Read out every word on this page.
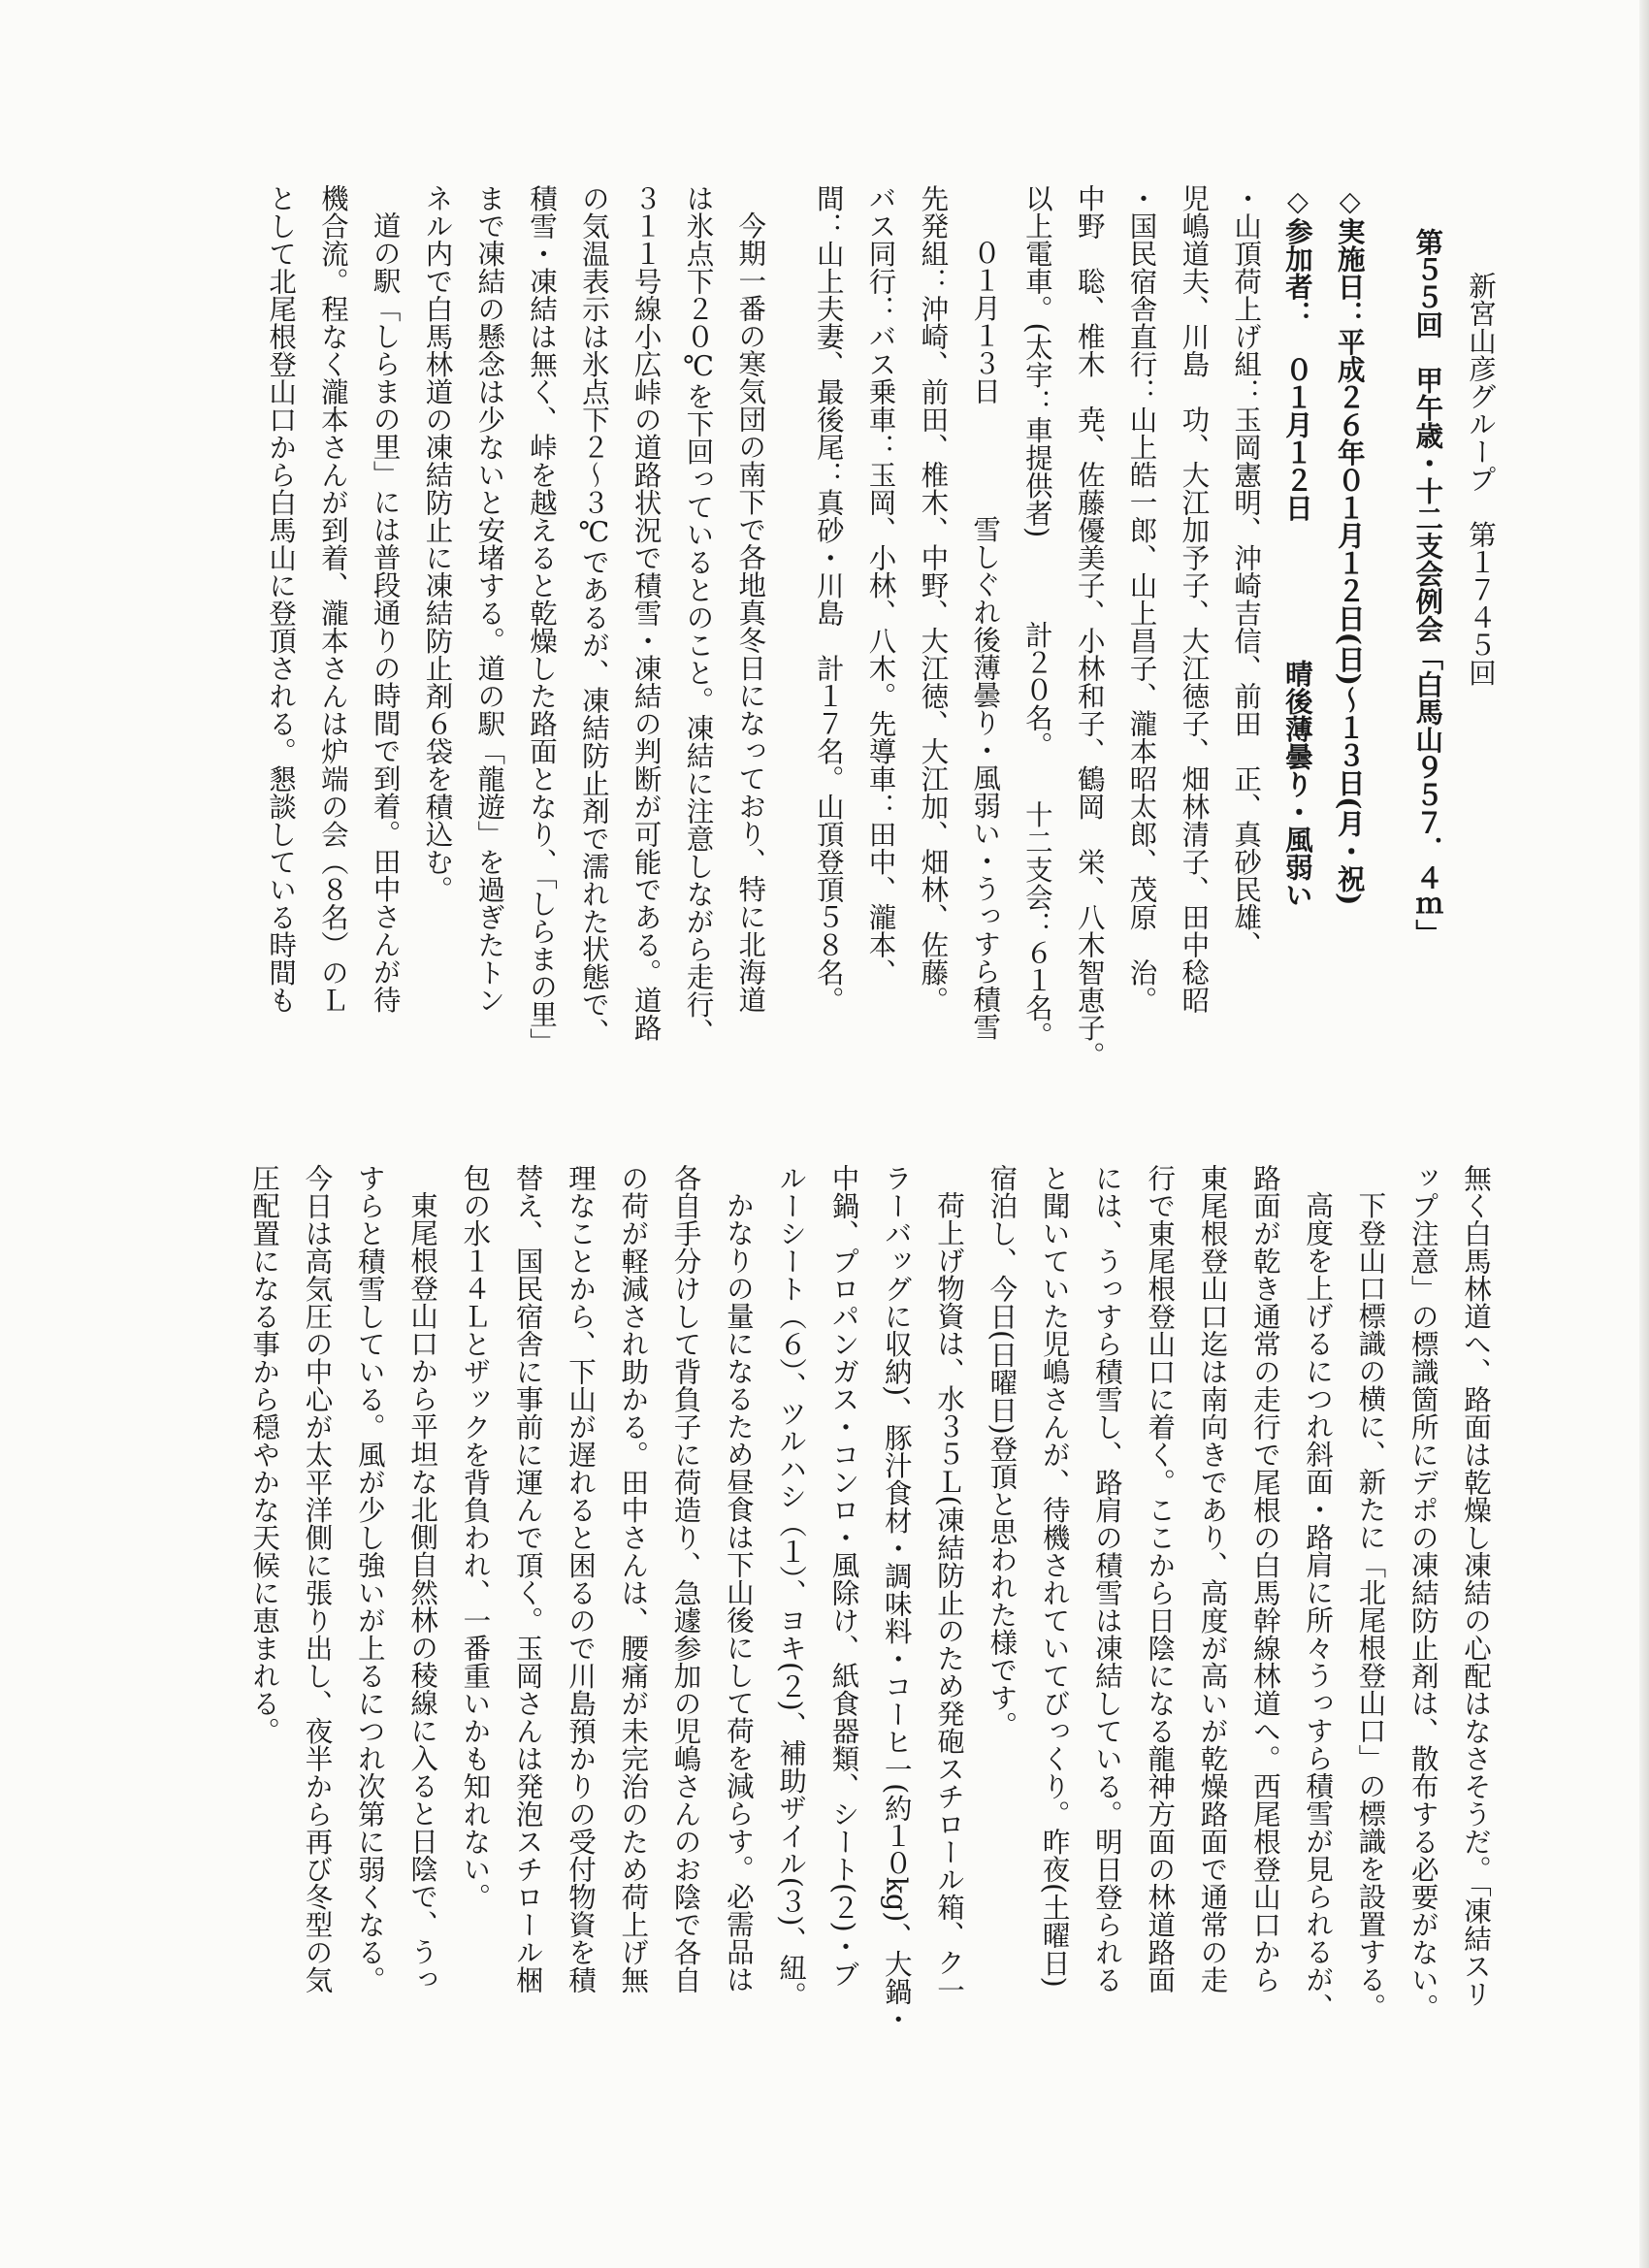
新宮山彦グループ　第１７４５回
第５５回　甲午歳・十二支会例会「白馬山９５７．４ｍ」
◇実施日：平成２６年０１月１２日(日)～１３日(月・祝)
◇参加者：　０１月１２日　　　　　晴後薄曇り・風弱い
・山頂荷上げ組：玉岡憲明、沖崎吉信、前田　正、真砂民雄、
児嶋道夫、川島　功、大江加予子、大江徳子、畑林清子、田中稔昭
・国民宿舎直行：山上皓一郎、山上昌子、瀧本昭太郎、茂原　治。
中野　聡、椎木　尭、佐藤優美子、小林和子、鶴岡　栄、八木智恵子。
以上電車。(太宇：車提供者)　　　計２０名。　　十二支会：６１名。
０１月１３日　　　　雪しぐれ後薄曇り・風弱い・うっすら積雪
先発組：沖崎、前田、椎木、中野、大江徳、大江加、畑林、佐藤。
バス同行：バス乗車：玉岡、小林、八木。先導車：田中、瀧本、
間：山上夫妻、最後尾：真砂・川島　計１７名。山頂登頂５８名。
今期一番の寒気団の南下で各地真冬日になっており、特に北海道
は氷点下２０℃を下回っているとのこと。凍結に注意しながら走行、
３１１号線小広峠の道路状況で積雪・凍結の判断が可能である。道路
の気温表示は氷点下２～３℃であるが、凍結防止剤で濡れた状態で、
積雪・凍結は無く、峠を越えると乾燥した路面となり、「しらまの里」
まで凍結の懸念は少ないと安堵する。道の駅「龍遊」を過ぎたトン
ネル内で白馬林道の凍結防止に凍結防止剤６袋を積込む。
道の駅「しらまの里」には普段通りの時間で到着。田中さんが待
機合流。程なく瀧本さんが到着、瀧本さんは炉端の会（８名）のＬ
として北尾根登山口から白馬山に登頂される。懇談している時間も
無く白馬林道へ、路面は乾燥し凍結の心配はなさそうだ。「凍結スリ
ップ注意」の標識箇所にデポの凍結防止剤は、散布する必要がない。
下登山口標識の横に、新たに「北尾根登山口」の標識を設置する。
高度を上げるにつれ斜面・路肩に所々うっすら積雪が見られるが、
路面が乾き通常の走行で尾根の白馬幹線林道へ。西尾根登山口から
東尾根登山口迄は南向きであり、高度が高いが乾燥路面で通常の走
行で東尾根登山口に着く。ここから日陰になる龍神方面の林道路面
には、うっすら積雪し、路肩の積雪は凍結している。明日登られる
と聞いていた児嶋さんが、待機されていてびっくり。昨夜(土曜日)
宿泊し、今日(日曜日)登頂と思われた様です。
荷上げ物資は、水３５Ｌ(凍結防止のため発砲スチロール箱、ク一
ラーバッグに収納)、豚汁食材・調味料・コーヒ一(約１０kg)、大鍋・
中鍋、プロパンガス・コンロ・風除け、紙食器類、シート(２)・ブ
ルーシート（６）、ツルハシ（１）、ヨキ(２)、補助ザイル(３)、紐。
かなりの量になるため昼食は下山後にして荷を減らす。必需品は
各自手分けして背負子に荷造り、急遽参加の児嶋さんのお陰で各自
の荷が軽減され助かる。田中さんは、腰痛が未完治のため荷上げ無
理なことから、下山が遅れると困るので川島預かりの受付物資を積
替え、国民宿舎に事前に運んで頂く。玉岡さんは発泡スチロール梱
包の水１４Ｌとザックを背負われ、一番重いかも知れない。
東尾根登山口から平坦な北側自然林の稜線に入ると日陰で、うっ
すらと積雪している。風が少し強いが上るにつれ次第に弱くなる。
今日は高気圧の中心が太平洋側に張り出し、夜半から再び冬型の気
圧配置になる事から穏やかな天候に恵まれる。
